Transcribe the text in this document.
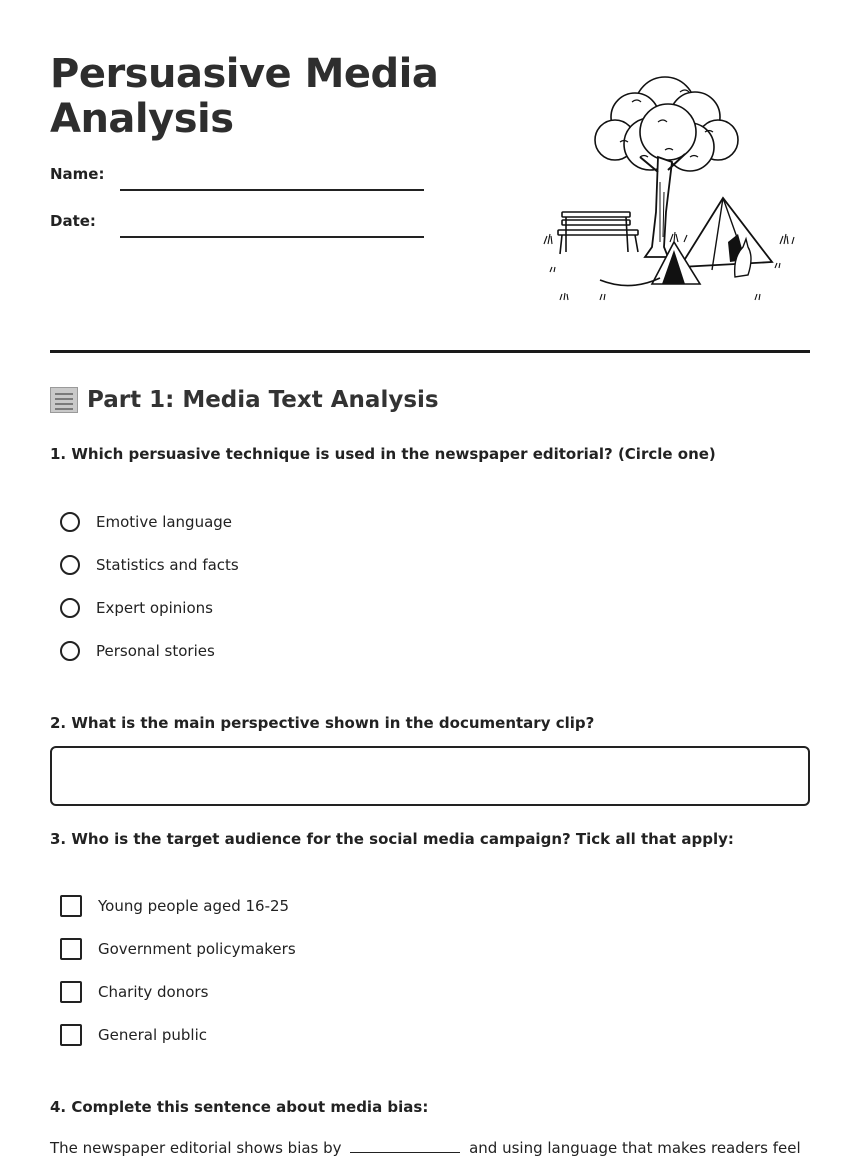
Persuasive Media Analysis
Name:
Date:
Part 1: Media Text Analysis

1. Which persuasive technique is used in the newspaper editorial? (Circle one)

Emotive language
Statistics and facts
Expert opinions
Personal stories

2. What is the main perspective shown in the documentary clip?

3. Who is the target audience for the social media campaign? Tick all that apply:

Young people aged 16-25
Government policymakers
Charity donors
General public

4. Complete this sentence about media bias:

The newspaper editorial shows bias by	and using language that makes readers feel
